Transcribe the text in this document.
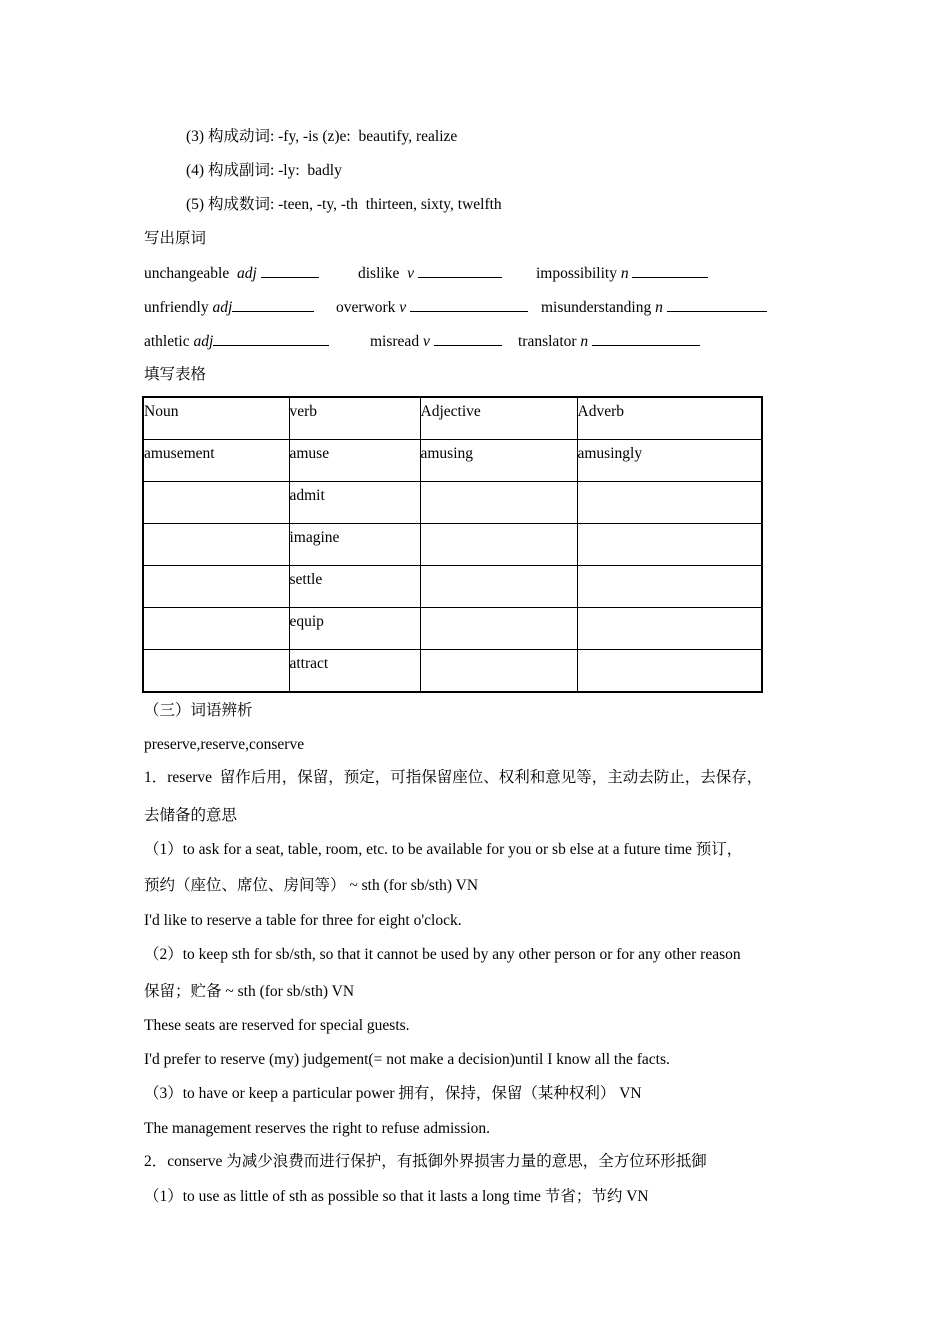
(3) 构成动词: -fy, -is (z)e:  beautify, realize
(4) 构成副词: -ly:  badly
(5) 构成数词: -teen, -ty, -th  thirteen, sixty, twelfth
写出原词
unchangeable adj	dislike v	impossibility n
unfriendly adj	overwork v	misunderstanding n
athletic adj	misread v	translator n
填写表格
Noun	verb	Adjective	Adverb
amusement	amuse	amusing	amusingly
	admit		
	imagine		
	settle		
	equip		
	attract		
（三）词语辨析
preserve,reserve,conserve
1．reserve  留作后用，保留，预定，可指保留座位、权利和意见等，主动去防止，去保存，
去储备的意思
（1）to ask for a seat, table, room, etc. to be available for you or sb else at a future time 预订，
预约（座位、席位、房间等） ~ sth (for sb/sth) VN
I'd like to reserve a table for three for eight o'clock.
（2）to keep sth for sb/sth, so that it cannot be used by any other person or for any other reason
保留；贮备 ~ sth (for sb/sth) VN
These seats are reserved for special guests.
I'd prefer to reserve (my) judgement(= not make a decision)until I know all the facts.
（3）to have or keep a particular power 拥有，保持，保留（某种权利） VN
The management reserves the right to refuse admission.
2．conserve 为减少浪费而进行保护，有抵御外界损害力量的意思，全方位环形抵御
（1）to use as little of sth as possible so that it lasts a long time 节省；节约 VN
